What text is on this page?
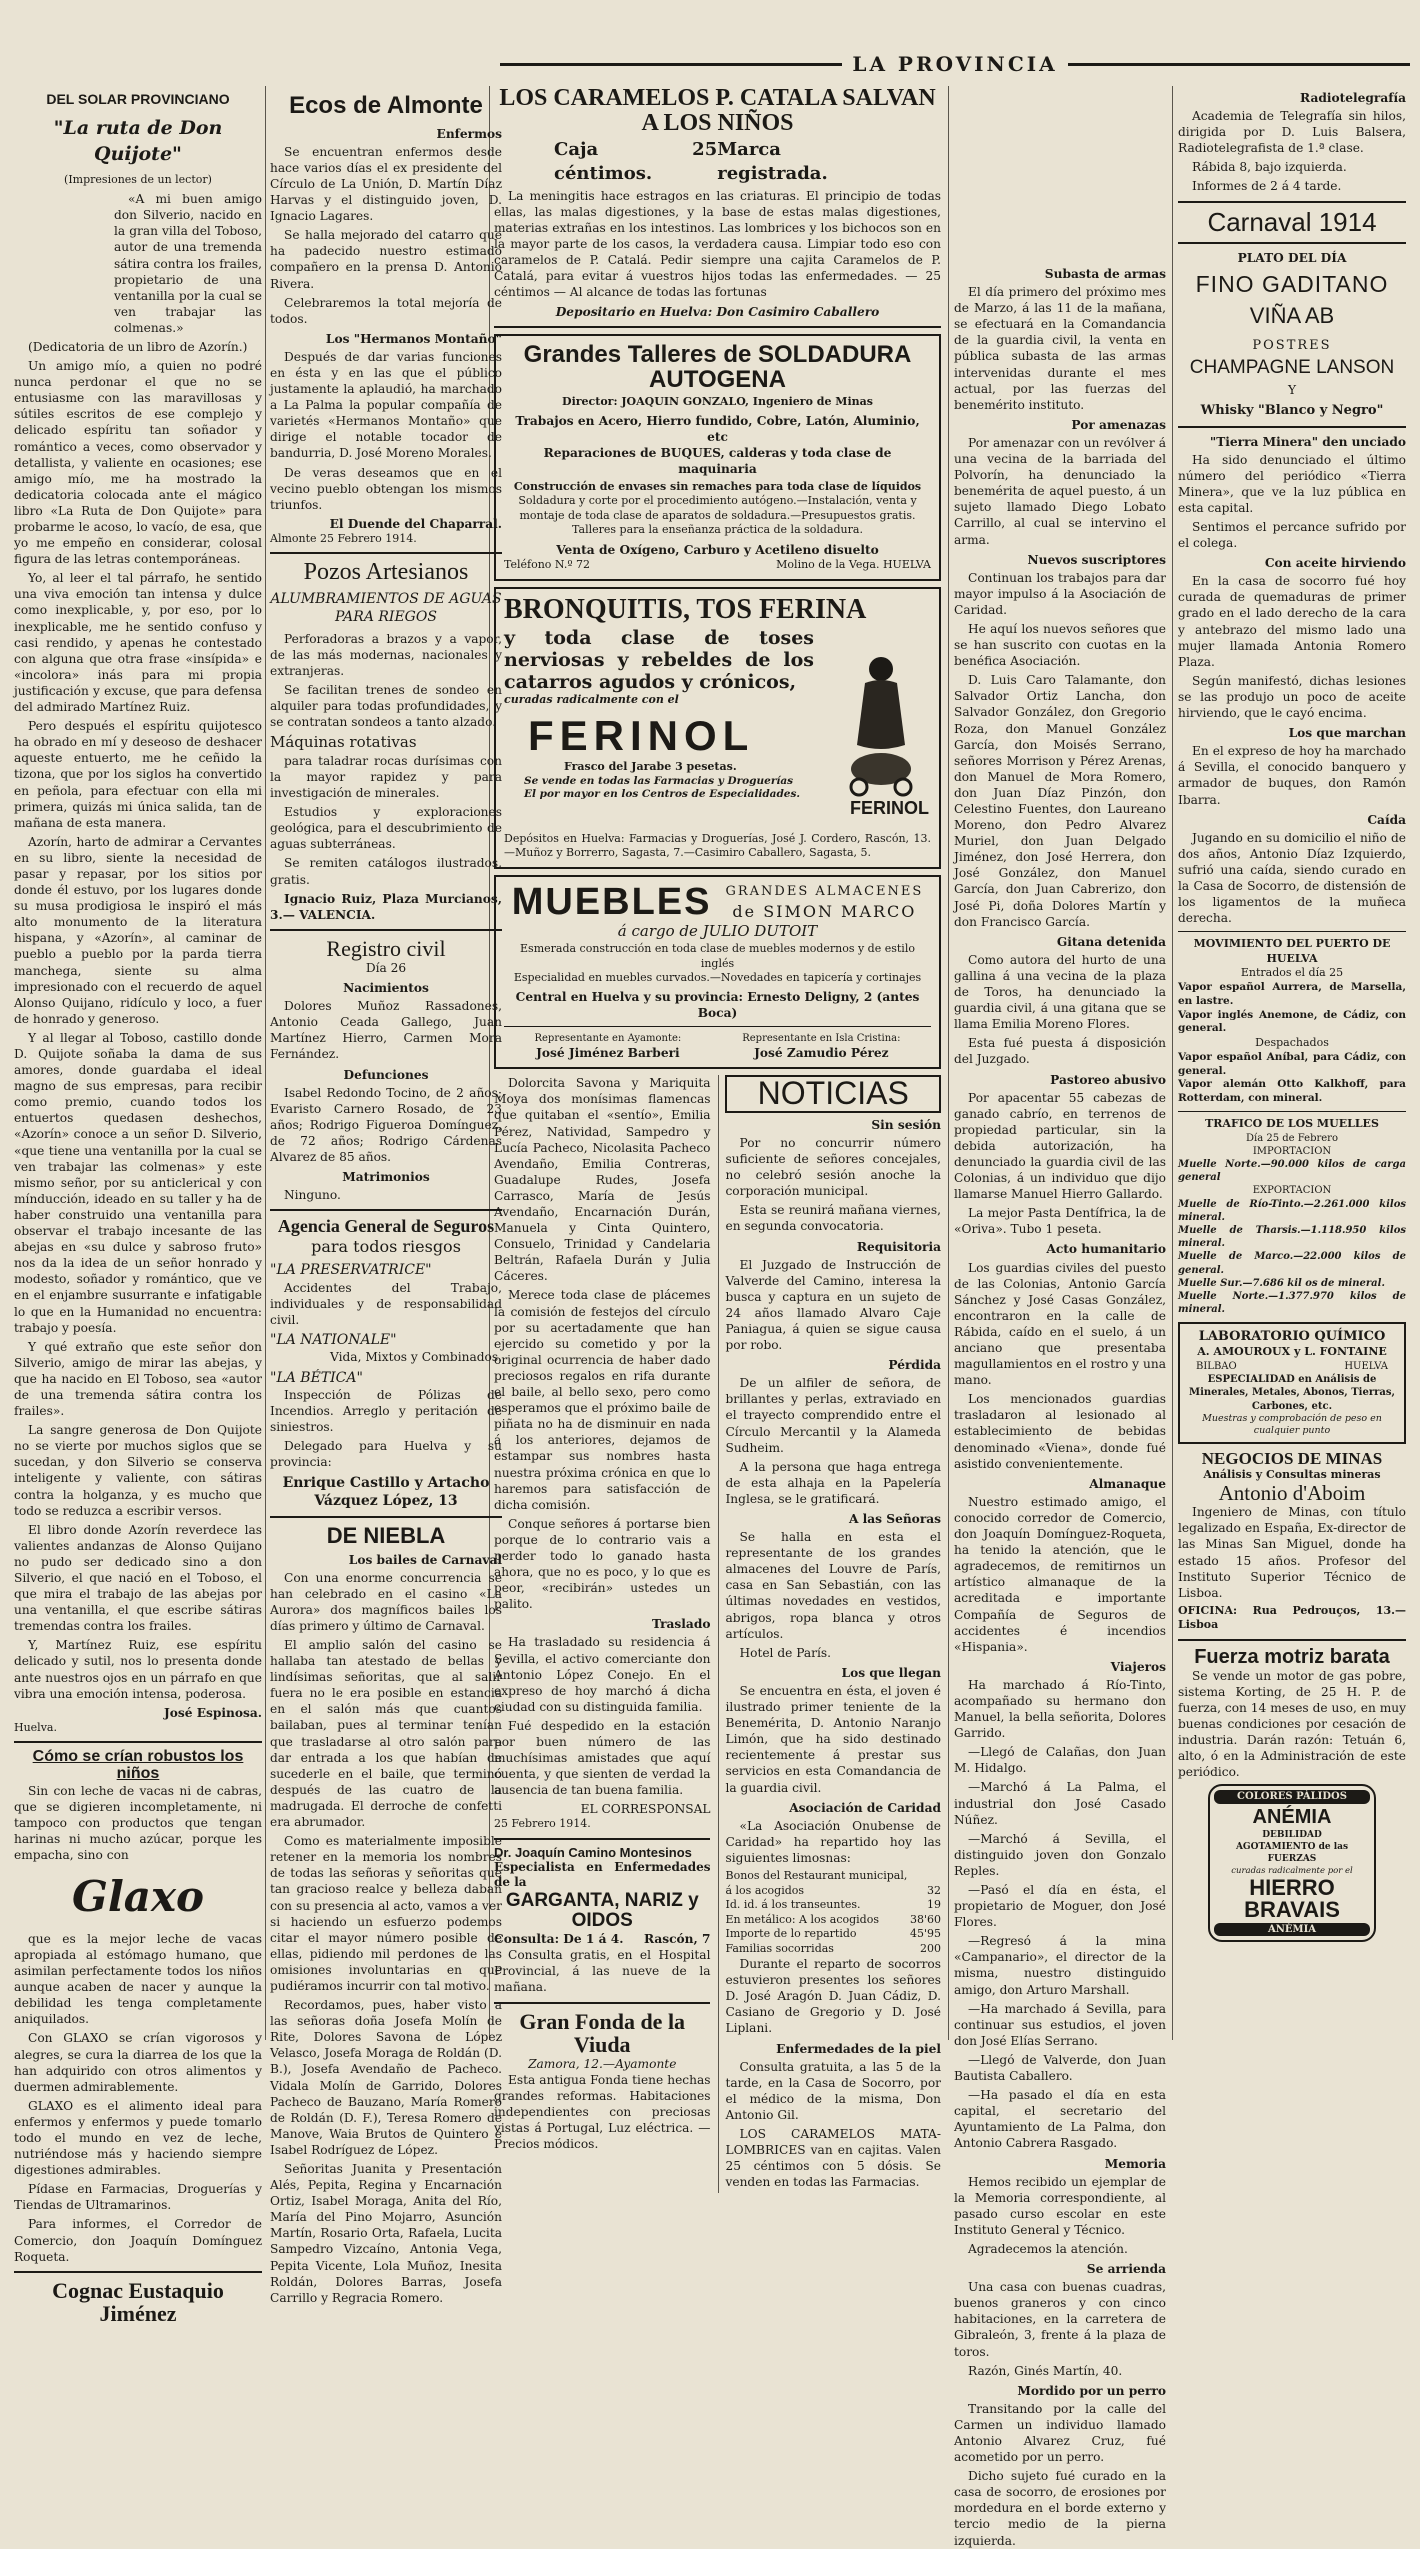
LA PROVINCIA
DEL SOLAR PROVINCIANO
"La ruta de Don Quijote"
(Impresiones de un lector)

«A mi buen amigo don Silverio, nacido en la gran villa del Toboso, autor de una tremenda sátira contra los frailes, propietario de una ventanilla por la cual se ven trabajar las colmenas.»

(Dedicatoria de un libro de Azorín.)

Un amigo mío, a quien no podré nunca perdonar el que no se entusiasme con las maravillosas y sútiles escritos de ese complejo y delicado espíritu tan soñador y romántico a veces, como observador y detallista, y valiente en ocasiones; ese amigo mío, me ha mostrado la dedicatoria colocada ante el mágico libro «La Ruta de Don Quijote» para probarme le acoso, lo vacío, de esa, que yo me empeño en considerar, colosal figura de las letras contemporáneas.

Yo, al leer el tal párrafo, he sentido una viva emoción tan intensa y dulce como inexplicable, y, por eso, por lo inexplicable, me he sentido confuso y casi rendido, y apenas he contestado con alguna que otra frase «insípida» e «incolora» inás para mi propia justificación y excuse, que para defensa del admirado Martínez Ruiz.

Pero después el espíritu quijotesco ha obrado en mí y deseoso de deshacer aqueste entuerto, me he ceñido la tizona, que por los siglos ha convertido en peñola, para efectuar con ella mi primera, quizás mi única salida, tan de mañana de esta manera.

Azorín, harto de admirar a Cervantes en su libro, siente la necesidad de pasar y repasar, por los sitios por donde él estuvo, por los lugares donde su musa prodigiosa le inspiró el más alto monumento de la literatura hispana, y «Azorín», al caminar de pueblo a pueblo por la parda tierra manchega, siente su alma impresionado con el recuerdo de aquel Alonso Quijano, ridículo y loco, a fuer de honrado y generoso.

Y al llegar al Toboso, castillo donde D. Quijote soñaba la dama de sus amores, donde guardaba el ideal magno de sus empresas, para recibir como premio, cuando todos los entuertos quedasen deshechos, «Azorín» conoce a un señor D. Silverio, «que tiene una ventanilla por la cual se ven trabajar las colmenas» y este mismo señor, por su anticlerical y con mínducción, ideado en su taller y ha de haber construido una ventanilla para observar el trabajo incesante de las abejas en «su dulce y sabroso fruto» nos da la idea de un señor honrado y modesto, soñador y romántico, que ve en el enjambre susurrante e infatigable lo que en la Humanidad no encuentra: trabajo y poesía.

Y qué extraño que este señor don Silverio, amigo de mirar las abejas, y que ha nacido en El Toboso, sea «autor de una tremenda sátira contra los frailes».

La sangre generosa de Don Quijote no se vierte por muchos siglos que se sucedan, y don Silverio se conserva inteligente y valiente, con sátiras contra la holganza, y es mucho que todo se reduzca a escribir versos.

El libro donde Azorín reverdece las valientes andanzas de Alonso Quijano no pudo ser dedicado sino a don Silverio, el que nació en el Toboso, el que mira el trabajo de las abejas por una ventanilla, el que escribe sátiras tremendas contra los frailes.

Y, Martínez Ruiz, ese espíritu delicado y sutil, nos lo presenta donde ante nuestros ojos en un párrafo en que vibra una emoción intensa, poderosa.

José Espinosa.
Huelva.
Cómo se crían robustos los niños

Sin con leche de vacas ni de cabras, que se digieren incompletamente, ni tampoco con productos que tengan harinas ni mucho azúcar, porque les empacha, sino con

Glaxo

que es la mejor leche de vacas apropiada al estómago humano, que asimilan perfectamente todos los niños aunque acaben de nacer y aunque la debilidad les tenga completamente aniquilados.

Con GLAXO se crían vigorosos y alegres, se cura la diarrea de los que la han adquirido con otros alimentos y duermen admirablemente.

GLAXO es el alimento ideal para enfermos y enfermos y puede tomarlo todo el mundo en vez de leche, nutriéndose más y haciendo siempre digestiones admirables.

Pídase en Farmacias, Droguerías y Tiendas de Ultramarinos.

Para informes, el Corredor de Comercio, don Joaquín Domínguez Roqueta.

Cognac Eustaquio Jiménez
Ecos de Almonte
Enfermos

Se encuentran enfermos desde hace varios días el ex presidente del Círculo de La Unión, D. Martín Díaz Harvas y el distinguido joven, D. Ignacio Lagares.

Se halla mejorado del catarro que ha padecido nuestro estimado compañero en la prensa D. Antonio Rivera.

Celebraremos la total mejoría de todos.

Los "Hermanos Montaño"

Después de dar varias funciones en ésta y en las que el público justamente la aplaudió, ha marchado a La Palma la popular compañía de varietés «Hermanos Montaño» que dirige el notable tocador de bandurria, D. José Moreno Morales.

De veras deseamos que en el vecino pueblo obtengan los mismos triunfos.

El Duende del Chaparral.
Almonte 25 Febrero 1914.
Pozos Artesianos
ALUMBRAMIENTOS DE AGUAS PARA RIEGOS

Perforadoras a brazos y a vapor, de las más modernas, nacionales y extranjeras.

Se facilitan trenes de sondeo en alquiler para todas profundidades, y se contratan sondeos a tanto alzado.

Máquinas rotativas

para taladrar rocas durísimas con la mayor rapidez y para investigación de minerales.

Estudios y exploraciones geológica, para el descubrimiento de aguas subterráneas.

Se remiten catálogos ilustrados, gratis.

Ignacio Ruiz, Plaza Murcianos, 3.— VALENCIA.

Registro civil
Día 26
Nacimientos

Dolores Muñoz Rassadones, Antonio Ceada Gallego, Juan Martínez Hierro, Carmen Mora Fernández.

Defunciones

Isabel Redondo Tocino, de 2 años; Evaristo Carnero Rosado, de 23 años; Rodrigo Figueroa Domínguez, de 72 años; Rodrigo Cárdenas Alvarez de 85 años.

Matrimonios

Ninguno.

Agencia General de Seguros
para todos riesgos
"LA PRESERVATRICE"

Accidentes del Trabajo, individuales y de responsabilidad civil.

"LA NATIONALE"

Vida, Mixtos y Combinados.

"LA BÉTICA"

Inspección de Pólizas de Incendios. Arreglo y peritación de siniestros.

Delegado para Huelva y su provincia:

Enrique Castillo y Artacho
Vázquez López, 13
DE NIEBLA
Los bailes de Carnaval

Con una enorme concurrencia se han celebrado en el casino «La Aurora» dos magníficos bailes los días primero y último de Carnaval.

El amplio salón del casino se hallaba tan atestado de bellas y lindísimas señoritas, que al salir fuera no le era posible en estancia en el salón más que cuantos bailaban, pues al terminar tenían que trasladarse al otro salón para dar entrada a los que habían de sucederle en el baile, que terminó después de las cuatro de la madrugada. El derroche de confetti era abrumador.

Como es materialmente imposible retener en la memoria los nombres de todas las señoras y señoritas que tan gracioso realce y belleza daban con su presencia al acto, vamos a ver si haciendo un esfuerzo podemos citar el mayor número posible de ellas, pidiendo mil perdones de las omisiones involuntarias en que pudiéramos incurrir con tal motivo.

Recordamos, pues, haber visto a las señoras doña Josefa Molín de Rite, Dolores Savona de López Velasco, Josefa Moraga de Roldán (D. B.), Josefa Avendaño de Pacheco. Vidala Molín de Garrido, Dolores Pacheco de Bauzano, María Romero de Roldán (D. F.), Teresa Romero de Manove, Waia Brutos de Quintero é Isabel Rodríguez de López.

Señoritas Juanita y Presentación Alés, Pepita, Regina y Encarnación Ortiz, Isabel Moraga, Anita del Río, María del Pino Mojarro, Asunción Martín, Rosario Orta, Rafaela, Lucita Sampedro Vizcaíno, Antonia Vega, Pepita Vicente, Lola Muñoz, Inesita Roldán, Dolores Barras, Josefa Carrillo y Regracia Romero.

LOS CARAMELOS P. CATALA SALVAN A LOS NIÑOS
Caja 25 céntimos.
Marca registrada.

La meningitis hace estragos en las criaturas. El principio de todas ellas, las malas digestiones, y la base de estas malas digestiones, materias extrañas en los intestinos. Las lombrices y los bichocos son en la mayor parte de los casos, la verdadera causa. Limpiar todo eso con caramelos de P. Catalá. Pedir siempre una cajita Caramelos de P. Catalá, para evitar á vuestros hijos todas las enfermedades. — 25 céntimos — Al alcance de todas las fortunas

Depositario en Huelva: Don Casimiro Caballero
Grandes Talleres de SOLDADURA AUTOGENA
Director: JOAQUIN GONZALO, Ingeniero de Minas
Trabajos en Acero, Hierro fundido, Cobre, Latón, Aluminio, etc
Reparaciones de BUQUES, calderas y toda clase de maquinaria
Construcción de envases sin remaches para toda clase de líquidos
Soldadura y corte por el procedimiento autógeno.—Instalación, venta y montaje de toda clase de aparatos de soldadura.—Presupuestos gratis.
Talleres para la enseñanza práctica de la soldadura.
Venta de Oxígeno, Carburo y Acetileno disuelto
Teléfono N.º 72	Molino de la Vega. HUELVA
BRONQUITIS, TOS FERINA
y toda clase de toses nerviosas y rebeldes de los catarros agudos y crónicos,
curadas radicalmente con el
FERINOL
Frasco del Jarabe 3 pesetas.
Se vende en todas las Farmacias y Droguerías
El por mayor en los Centros de Especialidades.
FERINOL
Depósitos en Huelva: Farmacias y Droguerías, José J. Cordero, Rascón, 13.—Muñoz y Borrerro, Sagasta, 7.—Casimiro Caballero, Sagasta, 5.
MUEBLES GRANDES ALMACENES
de SIMON MARCO
á cargo de JULIO DUTOIT
Esmerada construcción en toda clase de muebles modernos y de estilo inglés
Especialidad en muebles curvados.—Novedades en tapicería y cortinajes
Central en Huelva y su provincia: Ernesto Deligny, 2 (antes Boca)
Representante en Ayamonte:
José Jiménez Barberi
Representante en Isla Cristina:
José Zamudio Pérez

Dolorcita Savona y Mariquita Moya dos monísimas flamencas que quitaban el «sentío», Emilia Pérez, Natividad, Sampedro y Lucía Pacheco, Nicolasita Pacheco Avendaño, Emilia Contreras, Guadalupe Rudes, Josefa Carrasco, María de Jesús Avendaño, Encarnación Durán, Manuela y Cinta Quintero, Consuelo, Trinidad y Candelaria Beltrán, Rafaela Durán y Julia Cáceres.

Merece toda clase de plácemes la comisión de festejos del círculo por su acertadamente que han ejercido su cometido y por la original ocurrencia de haber dado preciosos regalos en rifa durante el baile, al bello sexo, pero como esperamos que el próximo baile de piñata no ha de disminuir en nada á los anteriores, dejamos de estampar sus nombres hasta nuestra próxima crónica en que lo haremos para satisfacción de dicha comisión.

Conque señores á portarse bien porque de lo contrario vais a perder todo lo ganado hasta ahora, que no es poco, y lo que es peor, «recibirán» ustedes un palito.

Traslado

Ha trasladado su residencia á Sevilla, el activo comerciante don Antonio López Conejo. En el expreso de hoy marchó á dicha ciudad con su distinguida familia.

Fué despedido en la estación por buen número de las muchísimas amistades que aquí cuenta, y que sienten de verdad la ausencia de tan buena familia.

EL CORRESPONSAL
25 Febrero 1914.
Dr. Joaquín Camino Montesinos
Especialista en Enfermedades de la
GARGANTA, NARIZ y OIDOS
Consulta: De 1 á 4. Rascón, 7

Consulta gratis, en el Hospital Provincial, á las nueve de la mañana.

Gran Fonda de la Viuda
Zamora, 12.—Ayamonte

Esta antigua Fonda tiene hechas grandes reformas. Habitaciones independientes con preciosas vistas á Portugal, Luz eléctrica. — Precios módicos.

NOTICIAS
Sin sesión

Por no concurrir número suficiente de señores concejales, no celebró sesión anoche la corporación municipal.

Esta se reunirá mañana viernes, en segunda convocatoria.

Requisitoria

El Juzgado de Instrucción de Valverde del Camino, interesa la busca y captura en un sujeto de 24 años llamado Alvaro Caje Paniagua, á quien se sigue causa por robo.

Pérdida

De un alfiler de señora, de brillantes y perlas, extraviado en el trayecto comprendido entre el Círculo Mercantil y la Alameda Sudheim.

A la persona que haga entrega de esta alhaja en la Papelería Inglesa, se le gratificará.

A las Señoras

Se halla en esta el representante de los grandes almacenes del Louvre de París, casa en San Sebastián, con las últimas novedades en vestidos, abrigos, ropa blanca y otros artículos.

Hotel de París.

Los que llegan

Se encuentra en ésta, el joven é ilustrado primer teniente de la Benemérita, D. Antonio Naranjo Limón, que ha sido destinado recientemente á prestar sus servicios en esta Comandancia de la guardia civil.

Asociación de Caridad

«La Asociación Onubense de Caridad» ha repartido hoy las siguientes limosnas:

Bonos del Restaurant municipal,
á los acogidos	32
Id. id. á los transeuntes.	19
En metálico: A los acogidos	38'60
Importe de lo repartido	45'95
Familias socorridas	200

Durante el reparto de socorros estuvieron presentes los señores D. José Aragón D. Juan Cádiz, D. Casiano de Gregorio y D. José Liplani.

Enfermedades de la piel

Consulta gratuita, a las 5 de la tarde, en la Casa de Socorro, por el médico de la misma, Don Antonio Gil.

LOS CARAMELOS MATA-LOMBRICES van en cajitas. Valen 25 céntimos con 5 dósis. Se venden en todas las Farmacias.

Subasta de armas

El día primero del próximo mes de Marzo, á las 11 de la mañana, se efectuará en la Comandancia de la guardia civil, la venta en pública subasta de las armas intervenidas durante el mes actual, por las fuerzas del benemérito instituto.

Por amenazas

Por amenazar con un revólver á una vecina de la barriada del Polvorín, ha denunciado la benemérita de aquel puesto, á un sujeto llamado Diego Lobato Carrillo, al cual se intervino el arma.

Nuevos suscriptores

Continuan los trabajos para dar mayor impulso á la Asociación de Caridad.

He aquí los nuevos señores que se han suscrito con cuotas en la benéfica Asociación.

D. Luis Caro Talamante, don Salvador Ortiz Lancha, don Salvador González, don Gregorio Roza, don Manuel González García, don Moisés Serrano, señores Morrison y Pérez Arenas, don Manuel de Mora Romero, don Juan Díaz Pinzón, don Celestino Fuentes, don Laureano Moreno, don Pedro Alvarez Muriel, don Juan Delgado Jiménez, don José Herrera, don José González, don Manuel García, don Juan Cabrerizo, don José Pi, doña Dolores Martín y don Francisco García.

Gitana detenida

Como autora del hurto de una gallina á una vecina de la plaza de Toros, ha denunciado la guardia civil, á una gitana que se llama Emilia Moreno Flores.

Esta fué puesta á disposición del Juzgado.

Pastoreo abusivo

Por apacentar 55 cabezas de ganado cabrío, en terrenos de propiedad particular, sin la debida autorización, ha denunciado la guardia civil de las Colonias, á un individuo que dijo llamarse Manuel Hierro Gallardo.

La mejor Pasta Dentífrica, la de «Oriva». Tubo 1 peseta.

Acto humanitario

Los guardias civiles del puesto de las Colonias, Antonio García Sánchez y José Casas González, encontraron en la calle de Rábida, caído en el suelo, á un anciano que presentaba magullamientos en el rostro y una mano.

Los mencionados guardias trasladaron al lesionado al establecimiento de bebidas denominado «Viena», donde fué asistido convenientemente.

Almanaque

Nuestro estimado amigo, el conocido corredor de Comercio, don Joaquín Domínguez-Roqueta, ha tenido la atención, que le agradecemos, de remitirnos un artístico almanaque de la acreditada e importante Compañía de Seguros de accidentes é incendios «Hispania».

Viajeros

Ha marchado á Río-Tinto, acompañado su hermano don Manuel, la bella señorita, Dolores Garrido.

—Llegó de Calañas, don Juan M. Hidalgo.

—Marchó á La Palma, el industrial don José Casado Núñez.

—Marchó á Sevilla, el distinguido joven don Gonzalo Reples.

—Pasó el día en ésta, el propietario de Moguer, don José Flores.

—Regresó á la mina «Campanario», el director de la misma, nuestro distinguido amigo, don Arturo Marshall.

—Ha marchado á Sevilla, para continuar sus estudios, el joven don José Elías Serrano.

—Llegó de Valverde, don Juan Bautista Caballero.

—Ha pasado el día en esta capital, el secretario del Ayuntamiento de La Palma, don Antonio Cabrera Rasgado.

Memoria

Hemos recibido un ejemplar de la Memoria correspondiente, al pasado curso escolar en este Instituto General y Técnico.

Agradecemos la atención.

Se arrienda

Una casa con buenas cuadras, buenos graneros y con cinco habitaciones, en la carretera de Gibraleón, 3, frente á la plaza de toros.

Razón, Ginés Martín, 40.

Mordido por un perro

Transitando por la calle del Carmen un individuo llamado Antonio Alvarez Cruz, fué acometido por un perro.

Dicho sujeto fué curado en la casa de socorro, de erosiones por mordedura en el borde externo y tercio medio de la pierna izquierda.

Radiotelegrafía

Academia de Telegrafía sin hilos, dirigida por D. Luis Balsera, Radiotelegrafista de 1.ª clase.

Rábida 8, bajo izquierda.

Informes de 2 á 4 tarde.

Carnaval 1914
PLATO DEL DÍA
FINO GADITANO
VIÑA AB
POSTRES
CHAMPAGNE LANSON
Y
Whisky "Blanco y Negro"
"Tierra Minera" den unciado

Ha sido denunciado el último número del periódico «Tierra Minera», que ve la luz pública en esta capital.

Sentimos el percance sufrido por el colega.

Con aceite hirviendo

En la casa de socorro fué hoy curada de quemaduras de primer grado en el lado derecho de la cara y antebrazo del mismo lado una mujer llamada Antonia Romero Plaza.

Según manifestó, dichas lesiones se las produjo un poco de aceite hirviendo, que le cayó encima.

Los que marchan

En el expreso de hoy ha marchado á Sevilla, el conocido banquero y armador de buques, don Ramón Ibarra.

Caída

Jugando en su domicilio el niño de dos años, Antonio Díaz Izquierdo, sufrió una caída, siendo curado en la Casa de Socorro, de distensión de los ligamentos de la muñeca derecha.

MOVIMIENTO DEL PUERTO DE HUELVA
Entrados el día 25
Vapor español Aurrera, de Marsella, en lastre.
Vapor inglés Anemone, de Cádiz, con general.
Despachados
Vapor español Aníbal, para Cádiz, con general.
Vapor alemán Otto Kalkhoff, para Rotterdam, con mineral.
TRAFICO DE LOS MUELLES
Día 25 de Febrero
IMPORTACION
Muelle Norte.—90.000 kilos de carga general
EXPORTACION
Muelle de Río-Tinto.—2.261.000 kilos mineral.
Muelle de Tharsis.—1.118.950 kilos mineral.
Muelle de Marco.—22.000 kilos de general.
Muelle Sur.—7.686 kil os de mineral.
Muelle Norte.—1.377.970 kilos de mineral.
LABORATORIO QUÍMICO
A. AMOUROUX y L. FONTAINE
BILBAO	HUELVA
ESPECIALIDAD en Análisis de Minerales, Metales, Abonos, Tierras, Carbones, etc.
Muestras y comprobación de peso en cualquier punto
NEGOCIOS DE MINAS
Análisis y Consultas mineras
Antonio d'Aboim

Ingeniero de Minas, con título legalizado en España, Ex-director de las Minas San Miguel, donde ha estado 15 años. Profesor del Instituto Superior Técnico de Lisboa.

OFICINA: Rua Pedrouços, 13.—Lisboa
Fuerza motriz barata

Se vende un motor de gas pobre, sistema Korting, de 25 H. P. de fuerza, con 14 meses de uso, en muy buenas condiciones por cesación de industria. Darán razón: Tetuán 6, alto, ó en la Administración de este periódico.

COLORES PÁLIDOS
ANÉMIA
DEBILIDAD
AGOTAMIENTO de las FUERZAS
curadas radicalmente por el
HIERRO
BRAVAIS
ANÉMIA
